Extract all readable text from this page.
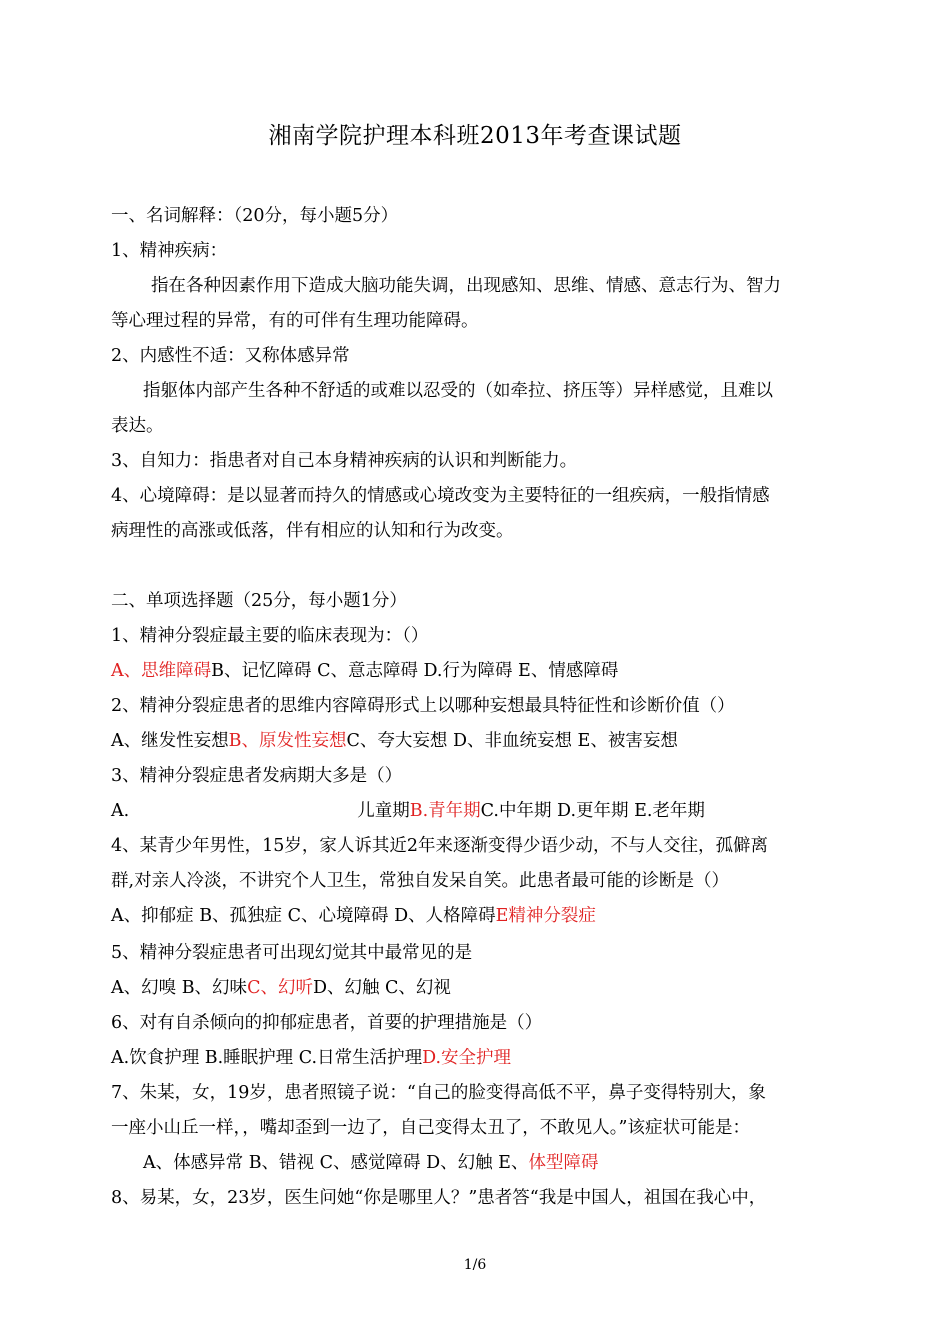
湘南学院护理本科班2013年考查课试题
一、名词解释：（20分，每小题5分）
1、精神疾病：
指在各种因素作用下造成大脑功能失调，出现感知、思维、情感、意志行为、智力
等心理过程的异常，有的可伴有生理功能障碍。
2、内感性不适：又称体感异常
指躯体内部产生各种不舒适的或难以忍受的（如牵拉、挤压等）异样感觉，且难以
表达。
3、自知力：指患者对自己本身精神疾病的认识和判断能力。
4、心境障碍：是以显著而持久的情感或心境改变为主要特征的一组疾病，一般指情感
病理性的高涨或低落，伴有相应的认知和行为改变。
二、单项选择题（25分，每小题1分）
1、精神分裂症最主要的临床表现为：（）
A、思维障碍B、记忆障碍 C、意志障碍 D.行为障碍 E、情感障碍
2、精神分裂症患者的思维内容障碍形式上以哪种妄想最具特征性和诊断价值（）
A、继发性妄想B、原发性妄想C、夸大妄想 D、非血统妄想 E、被害妄想
3、精神分裂症患者发病期大多是（）
A.	儿童期B.青年期C.中年期 D.更年期 E.老年期
4、某青少年男性，15岁，家人诉其近2年来逐渐变得少语少动，不与人交往，孤僻离
群,对亲人冷淡，不讲究个人卫生，常独自发呆自笑。此患者最可能的诊断是（）
A、抑郁症 B、孤独症 C、心境障碍 D、人格障碍E精神分裂症
5、精神分裂症患者可出现幻觉其中最常见的是
A、幻嗅 B、幻味C、幻听D、幻触 C、幻视
6、对有自杀倾向的抑郁症患者，首要的护理措施是（）
A.饮食护理 B.睡眠护理 C.日常生活护理D.安全护理
7、朱某，女，19岁，患者照镜子说：“自己的脸变得高低不平，鼻子变得特别大，象
一座小山丘一样，，嘴却歪到一边了，自己变得太丑了，不敢见人。”该症状可能是：
A、体感异常 B、错视 C、感觉障碍 D、幻触 E、体型障碍
8、易某，女，23岁，医生问她“你是哪里人？”患者答“我是中国人，祖国在我心中，
1/6
